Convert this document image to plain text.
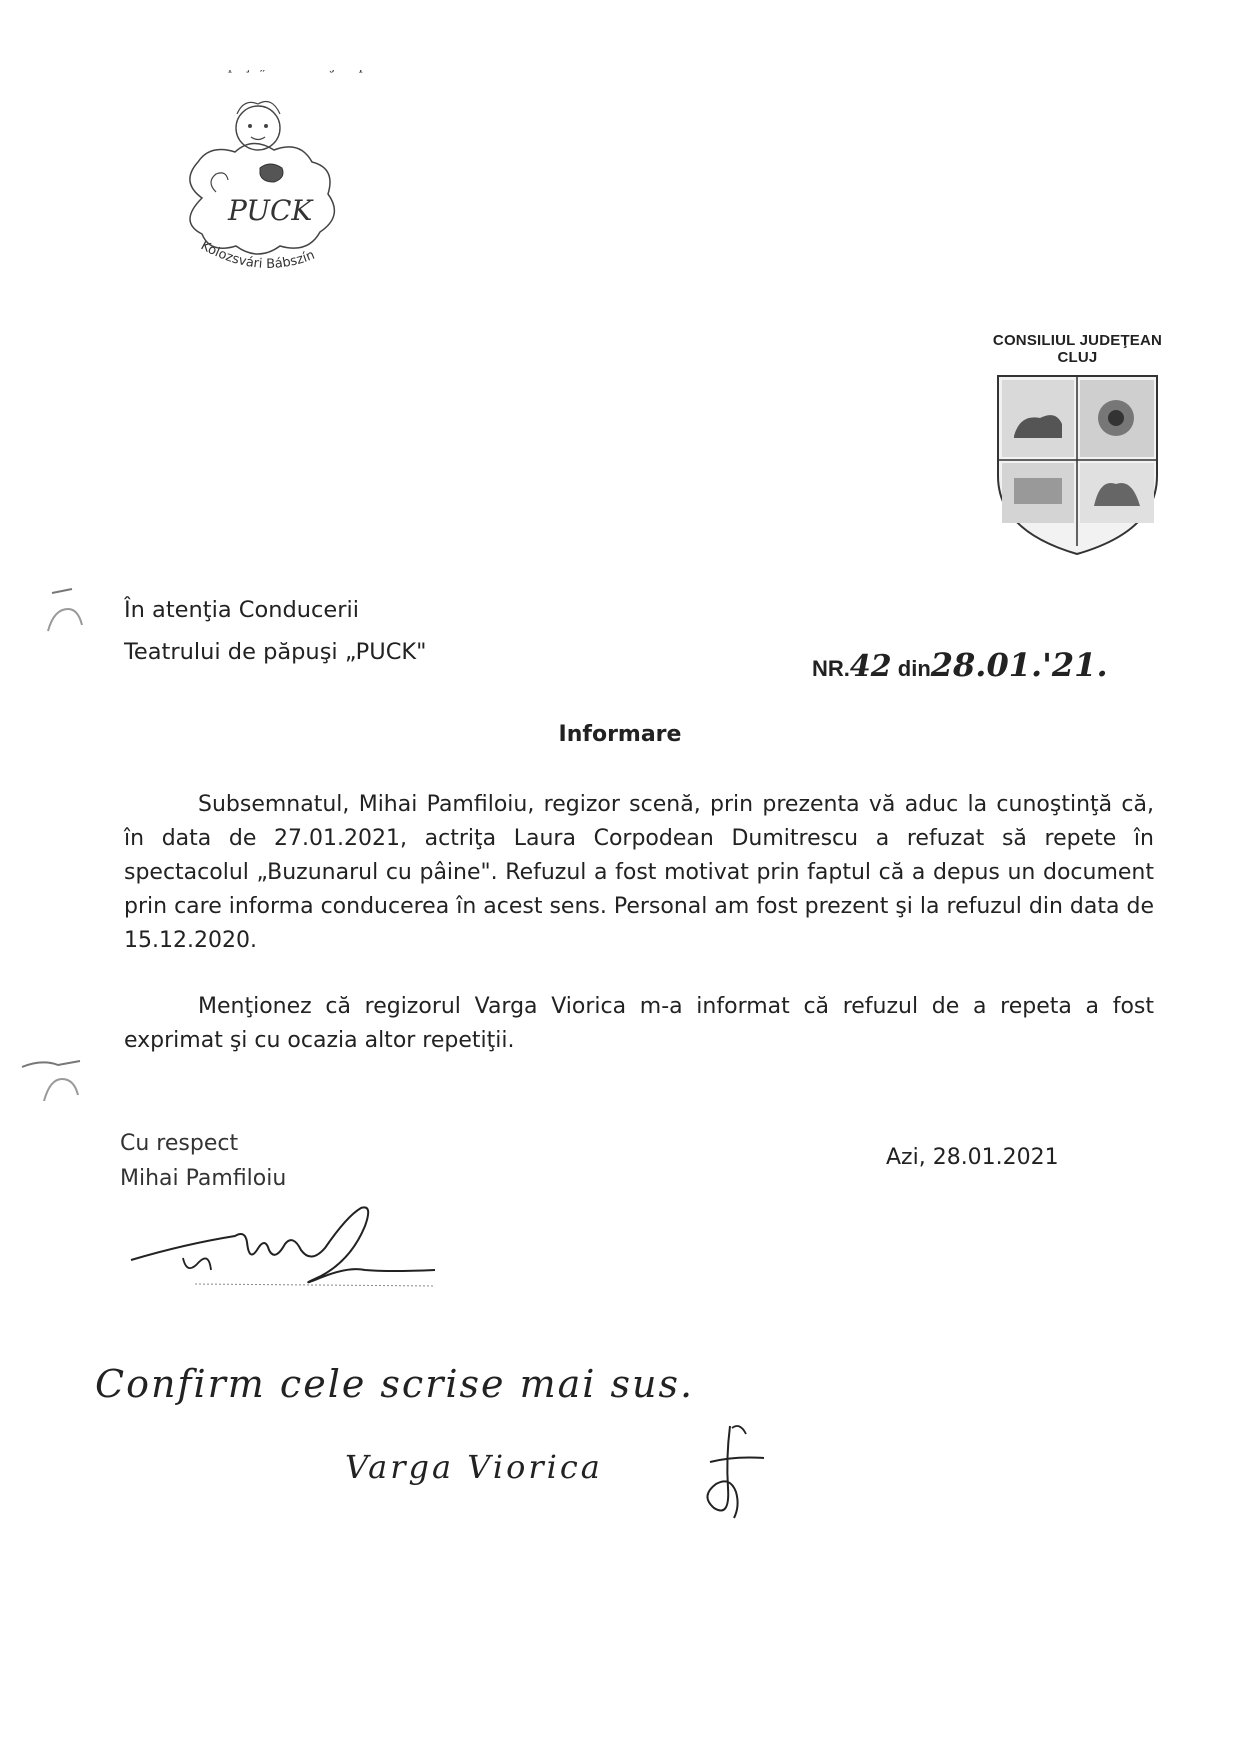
Kolozsvári Bábszín
PUCK
CONSILIUL JUDEŢEAN
CLUJ
În atenţia Conducerii
Teatrului de păpuşi „PUCK"
NR.42 din28.01.'21.
Informare
Subsemnatul, Mihai Pamfiloiu, regizor scenă, prin prezenta vă aduc la cunoştinţă că, în data de 27.01.2021, actriţa Laura Corpodean Dumitrescu a refuzat să repete în spectacolul „Buzunarul cu pâine". Refuzul a fost motivat prin faptul că a depus un document prin care informa conducerea în acest sens. Personal am fost prezent şi la refuzul din data de 15.12.2020.
Menţionez că regizorul Varga Viorica m-a informat că refuzul de a repeta a fost exprimat şi cu ocazia altor repetiţii.
Cu respect
Mihai Pamfiloiu
Azi, 28.01.2021
Confirm cele scrise mai sus.
Varga Viorica
